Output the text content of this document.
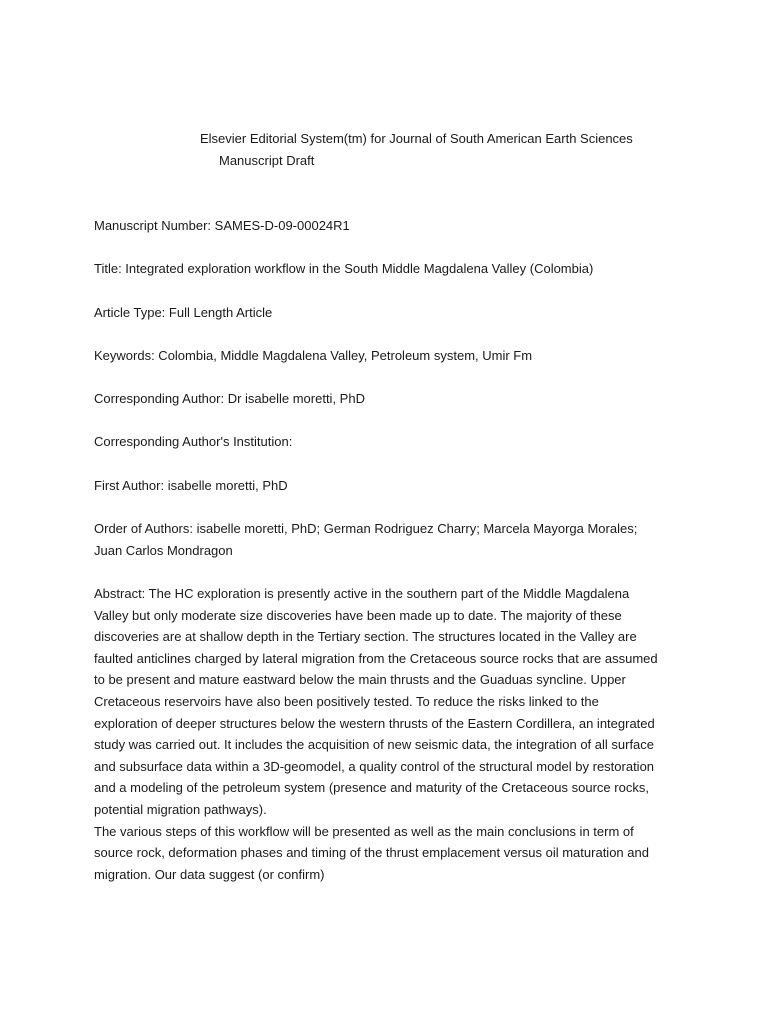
Elsevier Editorial System(tm) for Journal of South American Earth Sciences
Manuscript Draft
Manuscript Number: SAMES-D-09-00024R1
Title: Integrated exploration workflow in the South Middle Magdalena Valley (Colombia)
Article Type: Full Length Article
Keywords: Colombia, Middle Magdalena Valley, Petroleum system, Umir Fm
Corresponding Author: Dr isabelle moretti, PhD
Corresponding Author's Institution:
First Author: isabelle moretti, PhD
Order of Authors: isabelle moretti, PhD; German Rodriguez Charry; Marcela Mayorga Morales;
Juan Carlos Mondragon
Abstract: The HC exploration is presently active in the southern part of the Middle Magdalena
Valley but only moderate size discoveries have been made up to date. The majority of these
discoveries are at shallow depth in the Tertiary section. The structures located in the Valley are
faulted anticlines charged by lateral migration from the Cretaceous source rocks that are assumed
to be present and mature eastward below the main thrusts and the Guaduas syncline. Upper
Cretaceous reservoirs have also been positively tested. To reduce the risks linked to the
exploration of deeper structures below the western thrusts of the Eastern Cordillera, an integrated
study was carried out. It includes the acquisition of new seismic data, the integration of all surface
and subsurface data within a 3D-geomodel, a quality control of the structural model by restoration
and a modeling of the petroleum system (presence and maturity of the Cretaceous source rocks,
potential migration pathways).
The various steps of this workflow will be presented as well as the main conclusions in term of
source rock, deformation phases and timing of the thrust emplacement versus oil maturation and
migration. Our data suggest (or confirm)
